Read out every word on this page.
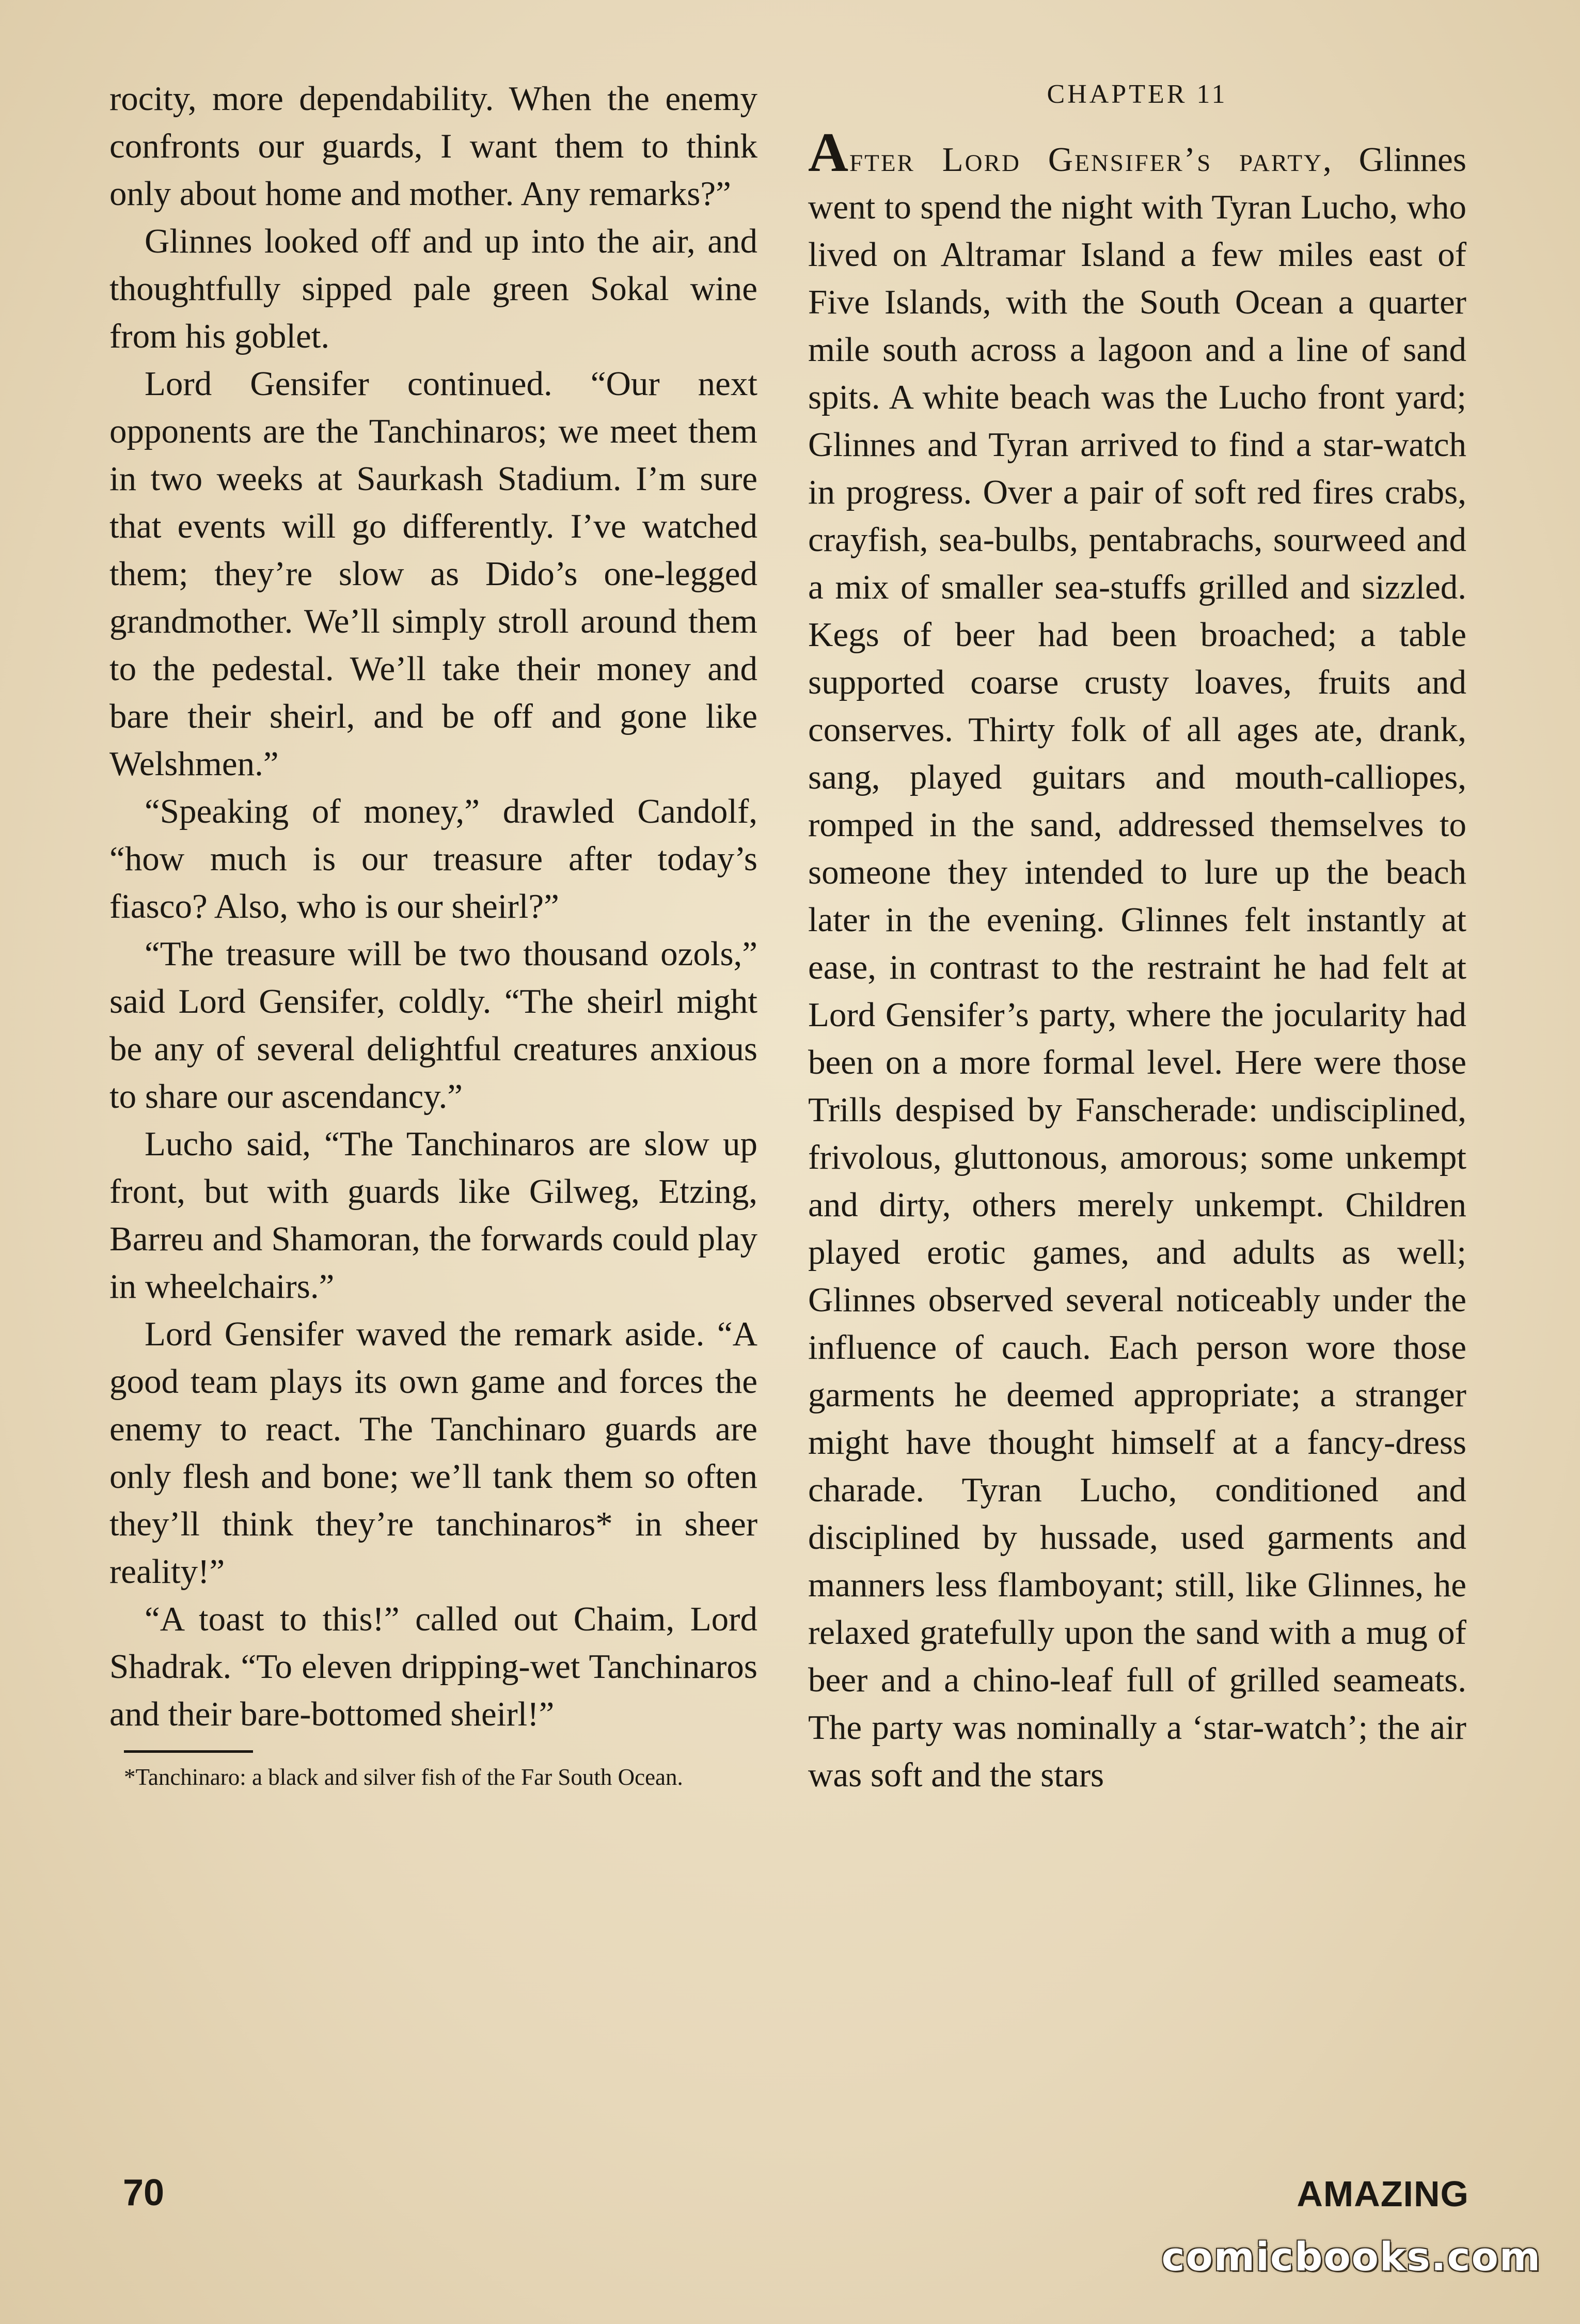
rocity, more dependability. When the enemy confronts our guards, I want them to think only about home and mother. Any remarks?”

Glinnes looked off and up into the air, and thoughtfully sipped pale green Sokal wine from his goblet.

Lord Gensifer continued. “Our next opponents are the Tanchinaros; we meet them in two weeks at Saurkash Stadium. I’m sure that events will go differently. I’ve watched them; they’re slow as Dido’s one-legged grandmother. We’ll simply stroll around them to the pedestal. We’ll take their money and bare their sheirl, and be off and gone like Welshmen.”

“Speaking of money,” drawled Candolf, “how much is our treasure after today’s fiasco? Also, who is our sheirl?”

“The treasure will be two thousand ozols,” said Lord Gensifer, coldly. “The sheirl might be any of several delightful creatures anxious to share our ascendancy.”

Lucho said, “The Tanchinaros are slow up front, but with guards like Gilweg, Etzing, Barreu and Shamoran, the forwards could play in wheelchairs.”

Lord Gensifer waved the remark aside. “A good team plays its own game and forces the enemy to react. The Tanchinaro guards are only flesh and bone; we’ll tank them so often they’ll think they’re tanchinaros* in sheer reality!”

“A toast to this!” called out Chaim, Lord Shadrak. “To eleven dripping-wet Tanchinaros and their bare-bottomed sheirl!”

*Tanchinaro: a black and silver fish of the Far South Ocean.

CHAPTER 11

After Lord Gensifer’s party, Glinnes went to spend the night with Tyran Lucho, who lived on Altramar Island a few miles east of Five Islands, with the South Ocean a quarter mile south across a lagoon and a line of sand spits. A white beach was the Lucho front yard; Glinnes and Tyran arrived to find a star-watch in progress. Over a pair of soft red fires crabs, crayfish, sea-bulbs, pentabrachs, sourweed and a mix of smaller sea-stuffs grilled and sizzled. Kegs of beer had been broached; a table supported coarse crusty loaves, fruits and conserves. Thirty folk of all ages ate, drank, sang, played guitars and mouth-calliopes, romped in the sand, addressed themselves to someone they intended to lure up the beach later in the evening. Glinnes felt instantly at ease, in contrast to the restraint he had felt at Lord Gensifer’s party, where the jocularity had been on a more formal level. Here were those Trills despised by Fanscherade: undisciplined, frivolous, gluttonous, amorous; some unkempt and dirty, others merely unkempt. Children played erotic games, and adults as well; Glinnes observed several noticeably under the influence of cauch. Each person wore those garments he deemed appropriate; a stranger might have thought himself at a fancy-dress charade. Tyran Lucho, conditioned and disciplined by hussade, used garments and manners less flamboyant; still, like Glinnes, he relaxed gratefully upon the sand with a mug of beer and a chino-leaf full of grilled seameats. The party was nominally a ‘star-watch’; the air was soft and the stars

70	AMAZING
comicbooks.com
